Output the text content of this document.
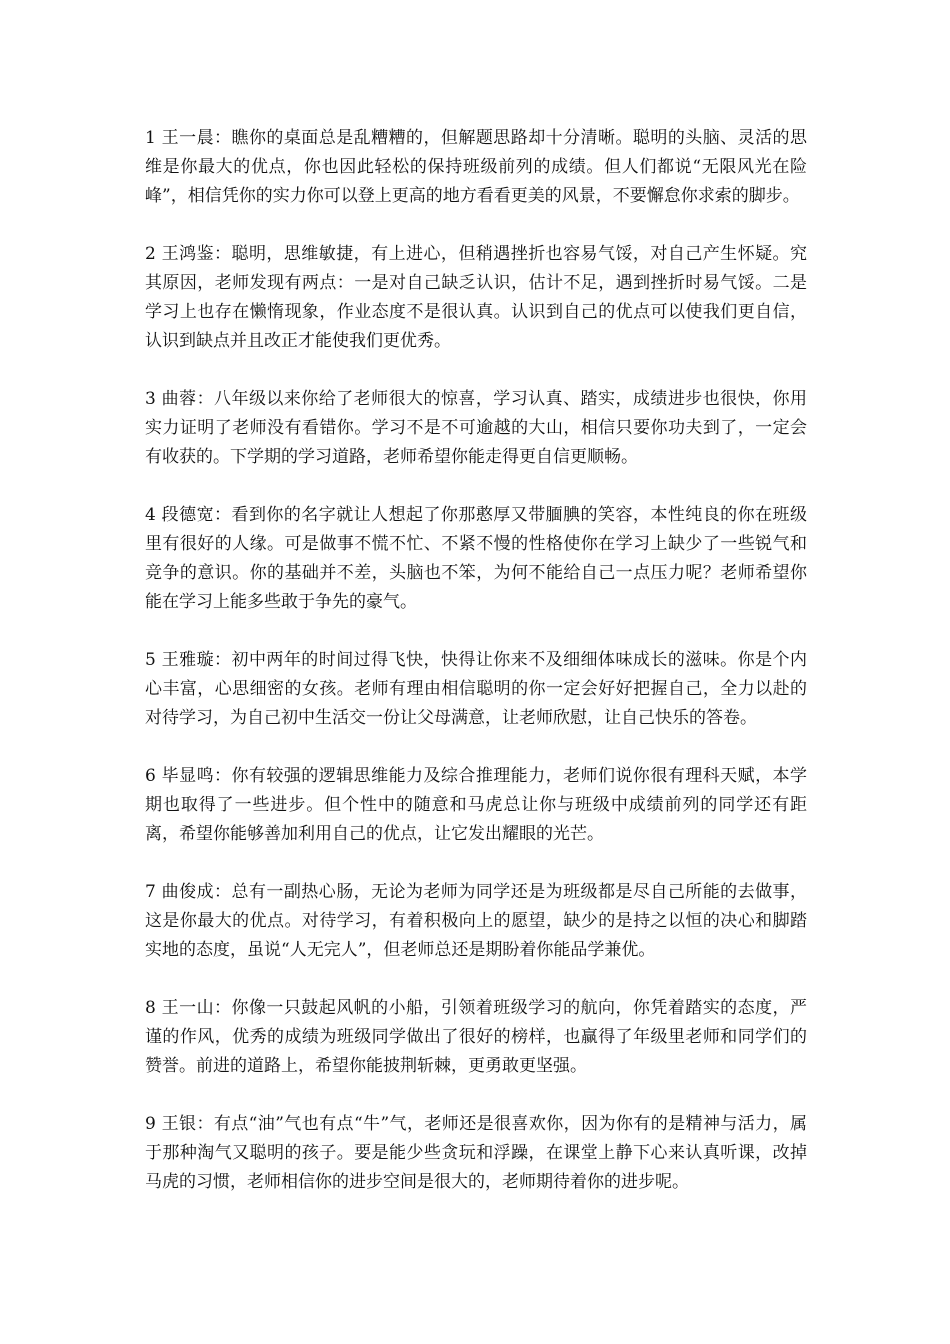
1 王一晨：瞧你的桌面总是乱糟糟的，但解题思路却十分清晰。聪明的头脑、灵活的思维是你最大的优点，你也因此轻松的保持班级前列的成绩。但人们都说“无限风光在险峰”，相信凭你的实力你可以登上更高的地方看看更美的风景，不要懈怠你求索的脚步。

2 王鸿鉴：聪明，思维敏捷，有上进心，但稍遇挫折也容易气馁，对自己产生怀疑。究其原因，老师发现有两点：一是对自己缺乏认识，估计不足，遇到挫折时易气馁。二是学习上也存在懒惰现象，作业态度不是很认真。认识到自己的优点可以使我们更自信，认识到缺点并且改正才能使我们更优秀。

3 曲蓉：八年级以来你给了老师很大的惊喜，学习认真、踏实，成绩进步也很快，你用实力证明了老师没有看错你。学习不是不可逾越的大山，相信只要你功夫到了，一定会有收获的。下学期的学习道路，老师希望你能走得更自信更顺畅。

4 段德宽：看到你的名字就让人想起了你那憨厚又带腼腆的笑容，本性纯良的你在班级里有很好的人缘。可是做事不慌不忙、不紧不慢的性格使你在学习上缺少了一些锐气和竞争的意识。你的基础并不差，头脑也不笨，为何不能给自己一点压力呢？老师希望你能在学习上能多些敢于争先的豪气。

5 王雅璇：初中两年的时间过得飞快，快得让你来不及细细体味成长的滋味。你是个内心丰富，心思细密的女孩。老师有理由相信聪明的你一定会好好把握自己，全力以赴的对待学习，为自己初中生活交一份让父母满意，让老师欣慰，让自己快乐的答卷。

6 毕显鸣：你有较强的逻辑思维能力及综合推理能力，老师们说你很有理科天赋，本学期也取得了一些进步。但个性中的随意和马虎总让你与班级中成绩前列的同学还有距离，希望你能够善加利用自己的优点，让它发出耀眼的光芒。

7 曲俊成：总有一副热心肠，无论为老师为同学还是为班级都是尽自己所能的去做事，这是你最大的优点。对待学习，有着积极向上的愿望，缺少的是持之以恒的决心和脚踏实地的态度，虽说“人无完人”，但老师总还是期盼着你能品学兼优。

8 王一山：你像一只鼓起风帆的小船，引领着班级学习的航向，你凭着踏实的态度，严谨的作风，优秀的成绩为班级同学做出了很好的榜样，也赢得了年级里老师和同学们的赞誉。前进的道路上，希望你能披荆斩棘，更勇敢更坚强。

9 王银：有点“油”气也有点“牛”气，老师还是很喜欢你，因为你有的是精神与活力，属于那种淘气又聪明的孩子。要是能少些贪玩和浮躁，在课堂上静下心来认真听课，改掉马虎的习惯，老师相信你的进步空间是很大的，老师期待着你的进步呢。
